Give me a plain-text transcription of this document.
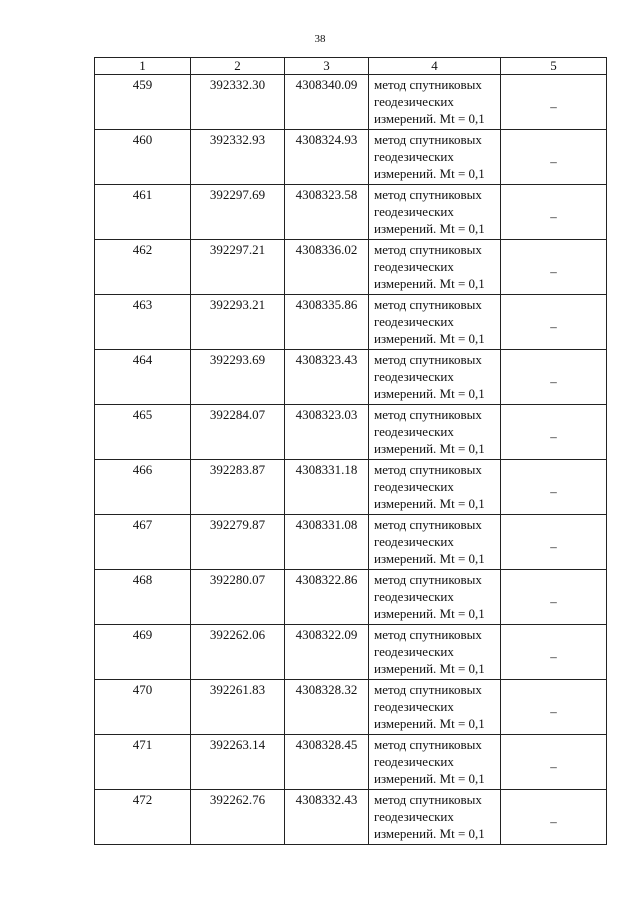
38
1	2	3	4	5
459	392332.30	4308340.09	метод спутниковых
геодезических
измерений. Mt = 0,1	–
460	392332.93	4308324.93	метод спутниковых
геодезических
измерений. Mt = 0,1	–
461	392297.69	4308323.58	метод спутниковых
геодезических
измерений. Mt = 0,1	–
462	392297.21	4308336.02	метод спутниковых
геодезических
измерений. Mt = 0,1	–
463	392293.21	4308335.86	метод спутниковых
геодезических
измерений. Mt = 0,1	–
464	392293.69	4308323.43	метод спутниковых
геодезических
измерений. Mt = 0,1	–
465	392284.07	4308323.03	метод спутниковых
геодезических
измерений. Mt = 0,1	–
466	392283.87	4308331.18	метод спутниковых
геодезических
измерений. Mt = 0,1	–
467	392279.87	4308331.08	метод спутниковых
геодезических
измерений. Mt = 0,1	–
468	392280.07	4308322.86	метод спутниковых
геодезических
измерений. Mt = 0,1	–
469	392262.06	4308322.09	метод спутниковых
геодезических
измерений. Mt = 0,1	–
470	392261.83	4308328.32	метод спутниковых
геодезических
измерений. Mt = 0,1	–
471	392263.14	4308328.45	метод спутниковых
геодезических
измерений. Mt = 0,1	–
472	392262.76	4308332.43	метод спутниковых
геодезических
измерений. Mt = 0,1	–
